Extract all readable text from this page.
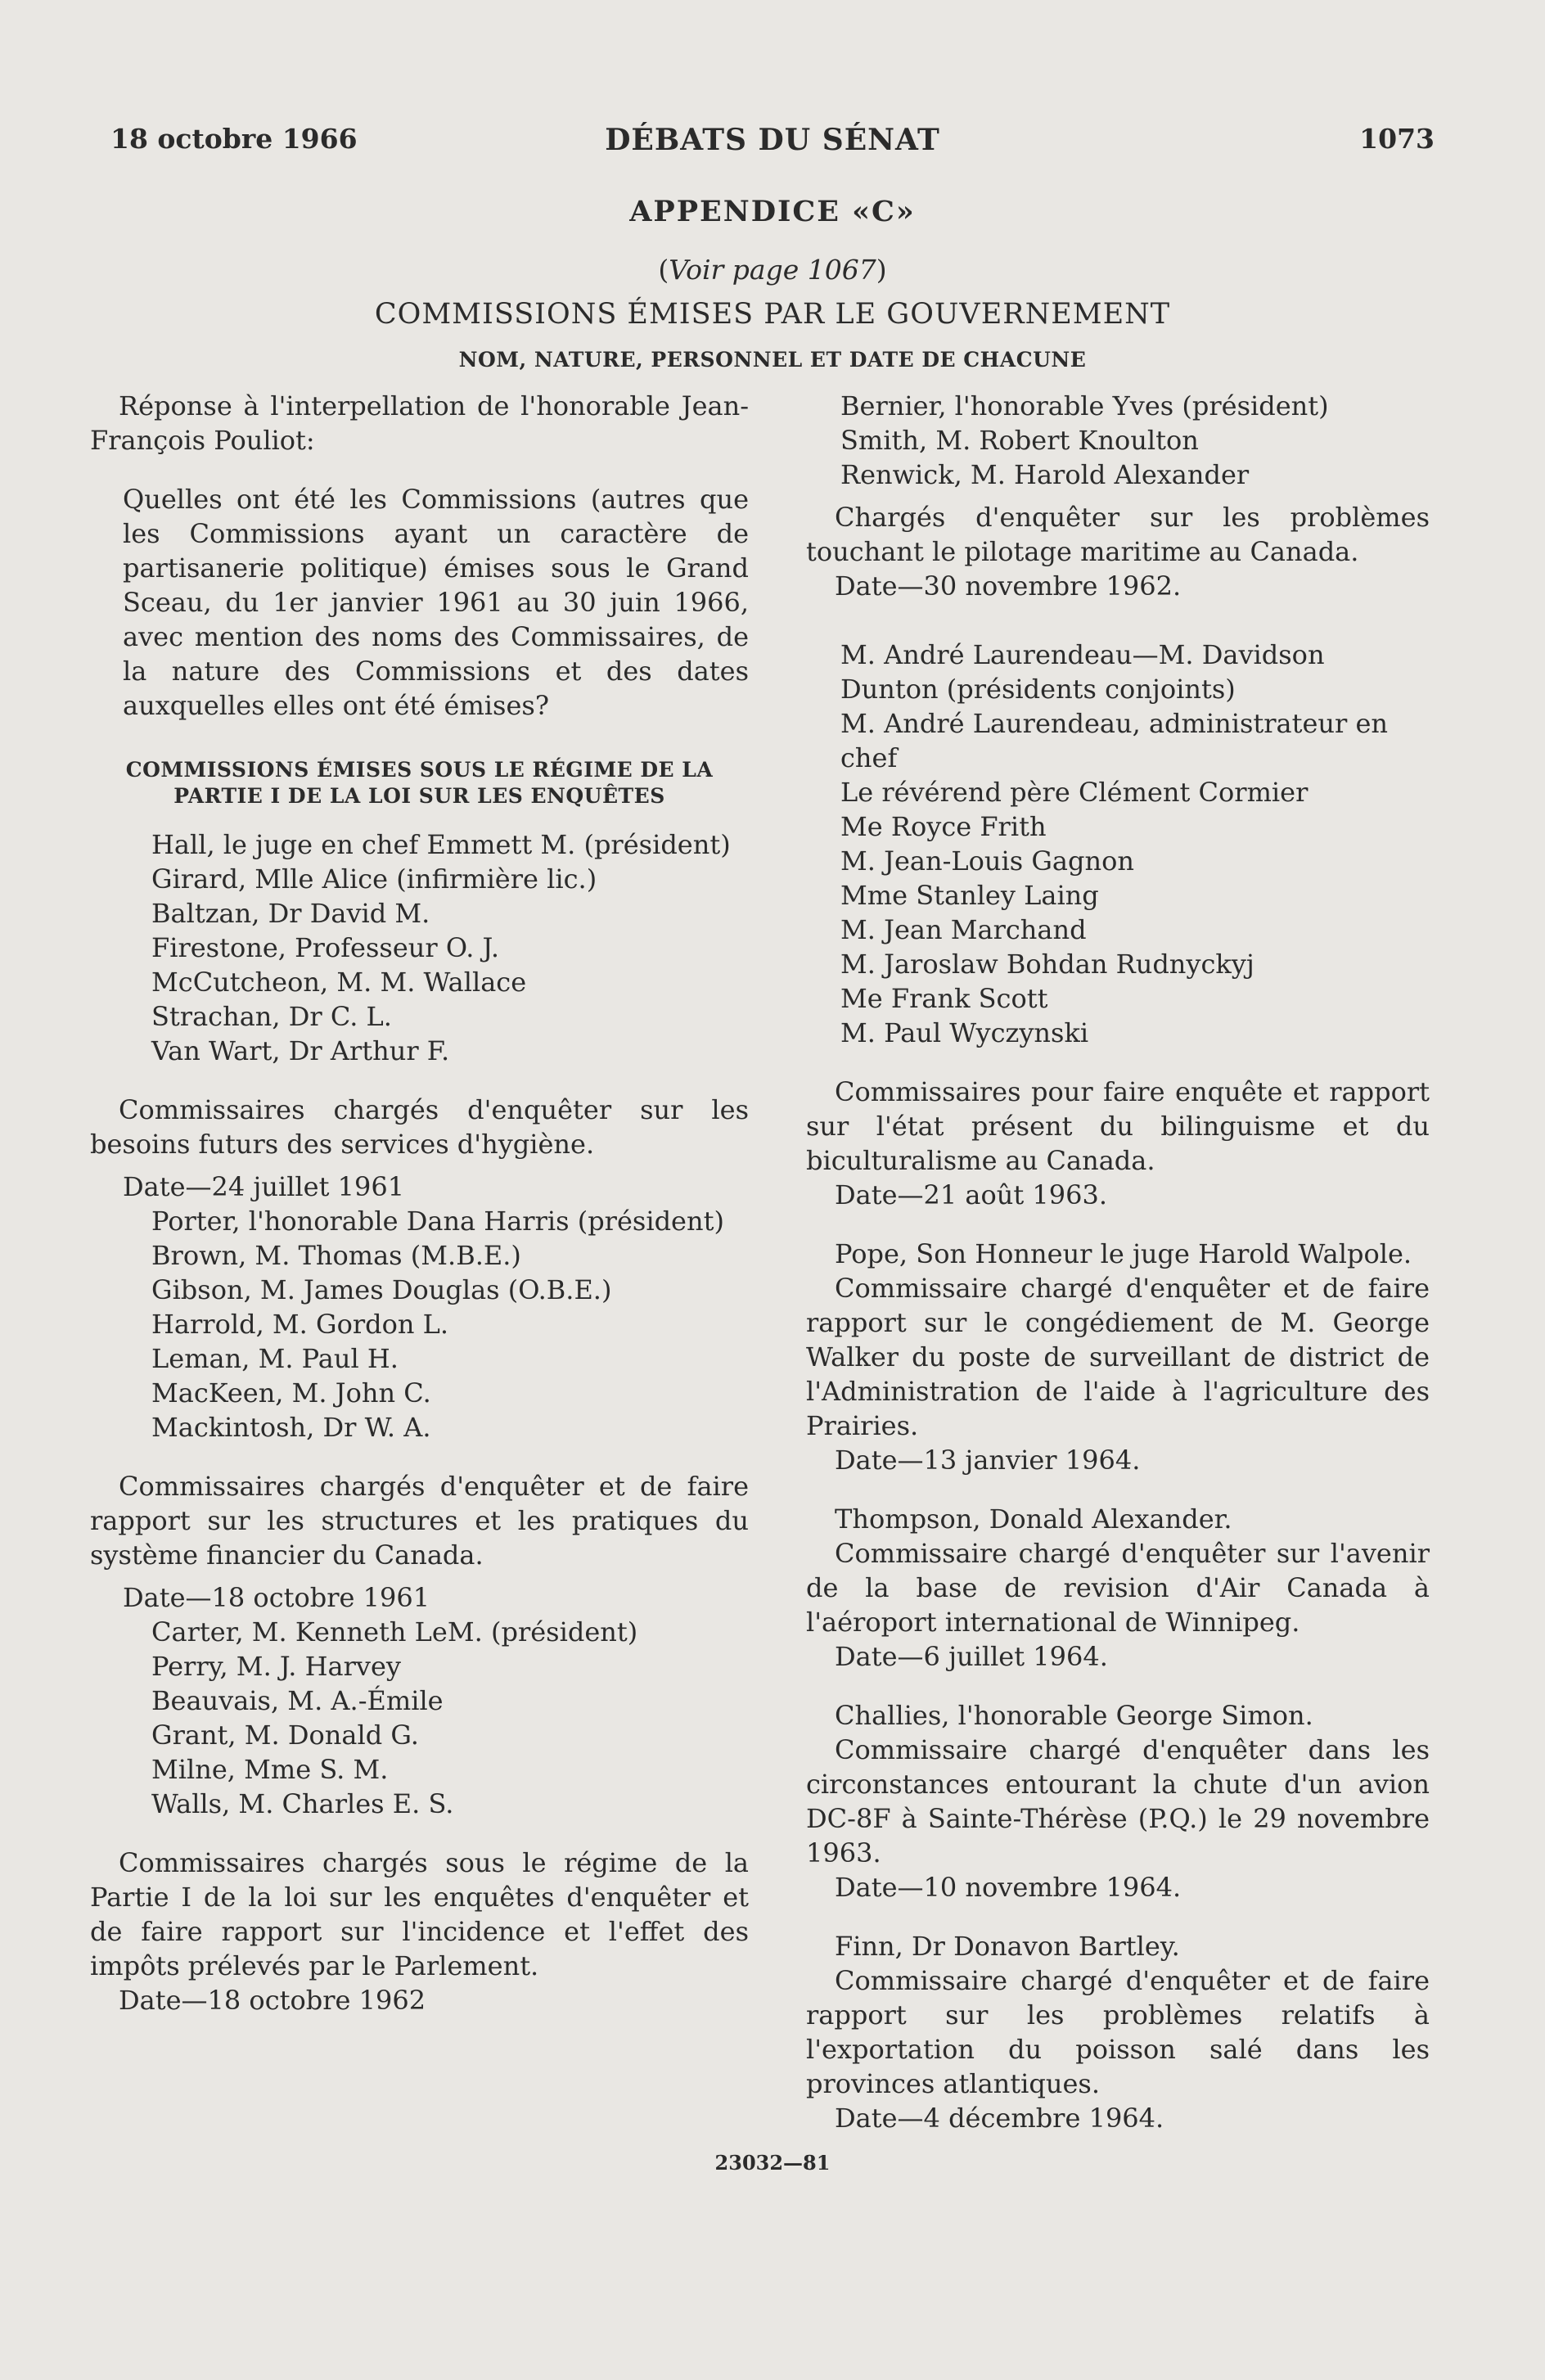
18 octobre 1966	DÉBATS DU SÉNAT	1073
APPENDICE «C»
(Voir page 1067)
COMMISSIONS ÉMISES PAR LE GOUVERNEMENT
NOM, NATURE, PERSONNEL ET DATE DE CHACUNE

Réponse à l'interpellation de l'honorable Jean-François Pouliot:

Quelles ont été les Commissions (autres que les Commissions ayant un caractère de partisanerie politique) émises sous le Grand Sceau, du 1er janvier 1961 au 30 juin 1966, avec mention des noms des Commissaires, de la nature des Commissions et des dates auxquelles elles ont été émises?

COMMISSIONS ÉMISES SOUS LE RÉGIME DE LA PARTIE I DE LA LOI SUR LES ENQUÊTES

Hall, le juge en chef Emmett M. (président)
Girard, Mlle Alice (infirmière lic.)
Baltzan, Dr David M.
Firestone, Professeur O. J.
McCutcheon, M. M. Wallace
Strachan, Dr C. L.
Van Wart, Dr Arthur F.

Commissaires chargés d'enquêter sur les besoins futurs des services d'hygiène.

Date—24 juillet 1961

Porter, l'honorable Dana Harris (président)
Brown, M. Thomas (M.B.E.)
Gibson, M. James Douglas (O.B.E.)
Harrold, M. Gordon L.
Leman, M. Paul H.
MacKeen, M. John C.
Mackintosh, Dr W. A.

Commissaires chargés d'enquêter et de faire rapport sur les structures et les pratiques du système financier du Canada.

Date—18 octobre 1961

Carter, M. Kenneth LeM. (président)
Perry, M. J. Harvey
Beauvais, M. A.-Émile
Grant, M. Donald G.
Milne, Mme S. M.
Walls, M. Charles E. S.

Commissaires chargés sous le régime de la Partie I de la loi sur les enquêtes d'enquêter et de faire rapport sur l'incidence et l'effet des impôts prélevés par le Parlement.

Date—18 octobre 1962

Bernier, l'honorable Yves (président)
Smith, M. Robert Knoulton
Renwick, M. Harold Alexander

Chargés d'enquêter sur les problèmes touchant le pilotage maritime au Canada.

Date—30 novembre 1962.

M. André Laurendeau—M. Davidson Dunton (présidents conjoints)
M. André Laurendeau, administrateur en chef
Le révérend père Clément Cormier
Me Royce Frith
M. Jean-Louis Gagnon
Mme Stanley Laing
M. Jean Marchand
M. Jaroslaw Bohdan Rudnyckyj
Me Frank Scott
M. Paul Wyczynski

Commissaires pour faire enquête et rapport sur l'état présent du bilinguisme et du biculturalisme au Canada.

Date—21 août 1963.

Pope, Son Honneur le juge Harold Walpole.

Commissaire chargé d'enquêter et de faire rapport sur le congédiement de M. George Walker du poste de surveillant de district de l'Administration de l'aide à l'agriculture des Prairies.

Date—13 janvier 1964.

Thompson, Donald Alexander.

Commissaire chargé d'enquêter sur l'avenir de la base de revision d'Air Canada à l'aéroport international de Winnipeg.

Date—6 juillet 1964.

Challies, l'honorable George Simon.

Commissaire chargé d'enquêter dans les circonstances entourant la chute d'un avion DC-8F à Sainte-Thérèse (P.Q.) le 29 novembre 1963.

Date—10 novembre 1964.

Finn, Dr Donavon Bartley.

Commissaire chargé d'enquêter et de faire rapport sur les problèmes relatifs à l'exportation du poisson salé dans les provinces atlantiques.

Date—4 décembre 1964.

23032—81
